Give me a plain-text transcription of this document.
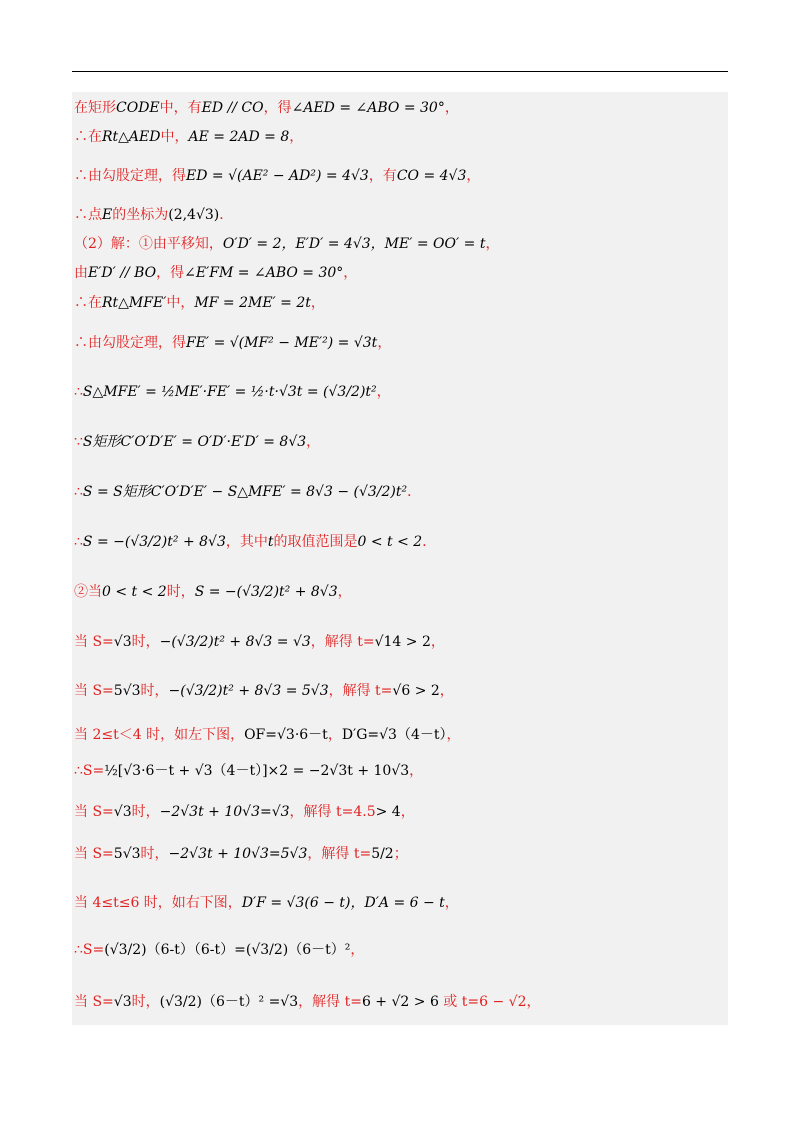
在矩形CODE中，有ED // CO，得∠AED = ∠ABO = 30°，
∴在Rt△AED中，AE = 2AD = 8，
∴由勾股定理，得ED = √(AE² − AD²) = 4√3，有CO = 4√3，
∴点E的坐标为(2,4√3)．
（2）解：①由平移知，O′D′ = 2，E′D′ = 4√3，ME′ = OO′ = t，
由E′D′ // BO，得∠E′FM = ∠ABO = 30°，
∴在Rt△MFE′中，MF = 2ME′ = 2t，
∴由勾股定理，得FE′ = √(MF² − ME′²) = √3t，
∴S△MFE′ = ½ME′·FE′ = ½·t·√3t = (√3/2)t²，
∵S矩形C′O′D′E′ = O′D′·E′D′ = 8√3，
∴S = S矩形C′O′D′E′ − S△MFE′ = 8√3 − (√3/2)t²．
∴S = −(√3/2)t² + 8√3，其中t的取值范围是0 < t < 2．
②当0 < t < 2时，S = −(√3/2)t² + 8√3，
当 S=√3时，−(√3/2)t² + 8√3 = √3，解得 t=√14 > 2，
当 S=5√3时，−(√3/2)t² + 8√3 = 5√3，解得 t=√6 > 2，
当 2≤t＜4 时，如左下图，OF=√3·6－t，D′G=√3（4－t），
∴S=½[√3·6－t + √3（4－t）]×2 = −2√3t + 10√3，
当 S=√3时，−2√3t + 10√3=√3，解得 t=4.5> 4，
当 S=5√3时，−2√3t + 10√3=5√3，解得 t=5/2；
当 4≤t≤6 时，如右下图，D′F = √3(6 − t)，D′A = 6 − t，
∴S=(√3/2)（6-t）（6-t）=(√3/2)（6－t）²，
当 S=√3时，(√3/2)（6－t）² =√3，解得 t=6 + √2 > 6 或 t=6 − √2，
